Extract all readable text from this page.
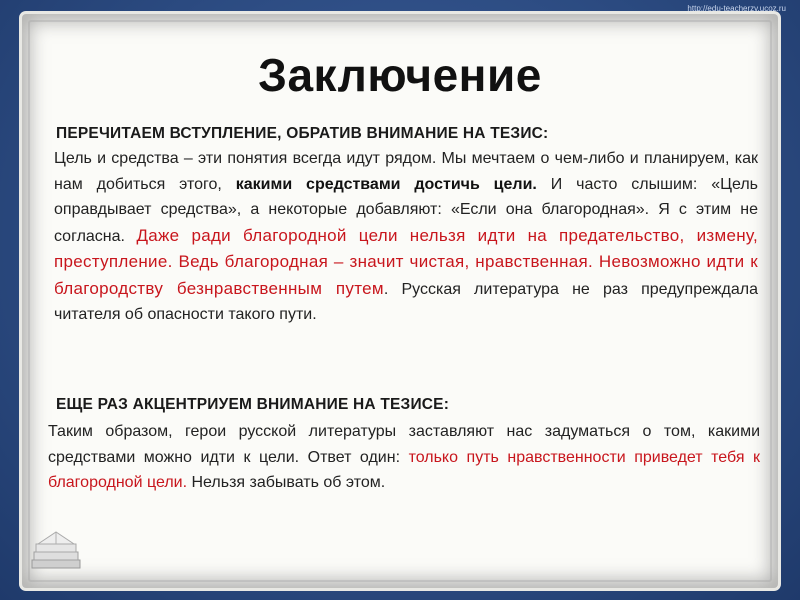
http://edu-teacherzv.ucoz.ru
Заключение
ПЕРЕЧИТАЕМ ВСТУПЛЕНИЕ, ОБРАТИВ ВНИМАНИЕ НА ТЕЗИС:
Цель и средства – эти понятия всегда идут рядом. Мы мечтаем о чем-либо и планируем, как нам добиться этого, какими средствами достичь цели. И часто слышим: «Цель оправдывает средства», а некоторые добавляют: «Если она благородная». Я с этим не согласна. Даже ради благородной цели нельзя идти на предательство, измену, преступление. Ведь благородная – значит чистая, нравственная. Невозможно идти к благородству безнравственным путем. Русская литература не раз предупреждала читателя об опасности такого пути.
ЕЩЕ РАЗ АКЦЕНТРИУЕМ ВНИМАНИЕ НА ТЕЗИСЕ:
Таким образом, герои русской литературы заставляют нас задуматься о том, какими средствами можно идти к цели. Ответ один: только путь нравственности приведет тебя к благородной цели. Нельзя забывать об этом.
